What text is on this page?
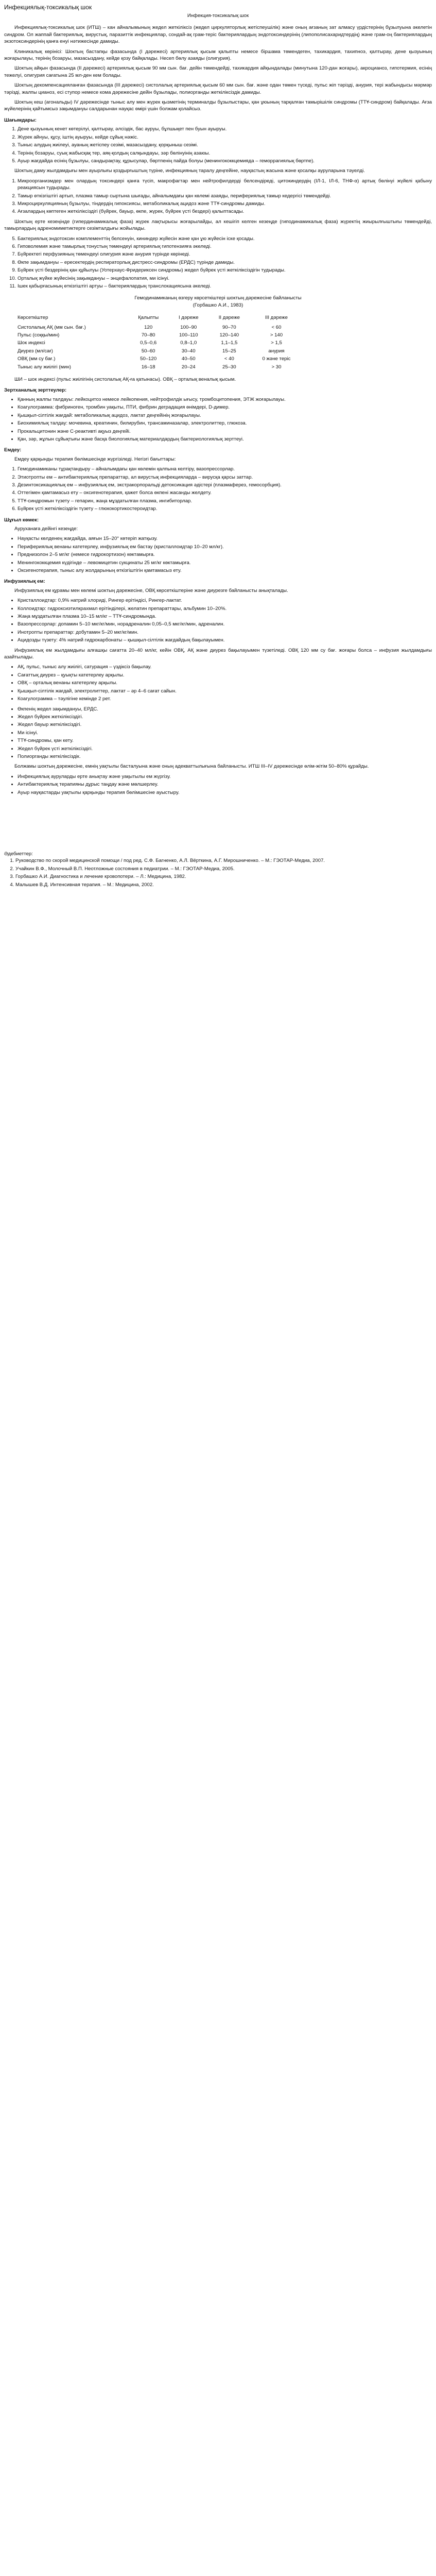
Инфекциялық-токсикалық шок
Инфекция-токсикалық шок

Инфекциялық-токсикалық шок (ИТШ) – кан айналымының жедел жеткіліксіз (жедел циркуляторлық жетіспеушілік) және оның ағзаның зат алмасу үрдістерінің бұзылуына әкелетін синдром. Ол жаппай бактериялық, вирустық, паразиттік инфекциялар, сондай-ақ грам-теріс бактериялардың эндотоксиндерінің (липополисахаридтердің) және грам-оң бактериялардың экзотоксиндерінің қанға енуі нәтижесінде дамиды.

Клиникалық көрінісі: Шоктың бастапқы фазасында (I дәрежесі) артериялық қысым қалыпты немесе біршама төмендеген, тахикардия, тахипноэ, қалтырау, дене қызуының жоғарылауы, терінің бозаруы, мазасыздану, кейде қозу байқалады. Несеп бөлу азаяды (олигурия).

Шоктың айқын фазасында (II дәрежесі) артериялық қысым 90 мм сын. бағ. дейін төмендейді, тахикардия айқындалады (минутына 120-дан жоғары), акроцианоз, гипотермия, есінің тежелуі, олигурия сағатына 25 мл-ден кем болады.

Шоктың декомпенсацияланған фазасында (III дәрежесі) систолалық артериялық қысым 60 мм сын. бағ. және одан төмен түседі, пульс жіп тәрізді, анурия, тері жабындысы мәрмәр тәрізді, жалпы цианоз, есі ступор немесе кома дәрежесіне дейін бұзылады, полиорганды жеткіліксіздік дамиды.

Шоктың кеш (агональды) IV дәрежесінде тыныс алу мен жүрек қызметінің терминалды бұзылыстары, қан ұюының тарқалған тамырішілік синдромы (ТТҰ-синдром) байқалады. Ағза жүйелерінің қайтымсыз зақымдануы салдарынан науқас өмірі үшін болжам қолайсыз.

Шағымдары:
1. Дене қызуының кенет көтерілуі, қалтырау, әлсіздік, бас ауруы, бұлшықет пен буын ауыруы.
2. Жүрек айнуы, құсу, іштің ауыруы, кейде сұйық нәжіс.
3. Тыныс алудың жиілеуі, ауаның жетіспеу сезімі, мазасыздану, қорқыныш сезімі.
4. Терінің бозаруы, суық жабысқақ тер, аяқ-қолдың салқындауы, зәр бөлінуінің азаюы.
5. Ауыр жағдайда есінің бұзылуы, сандырақтау, құрысулар, бөртпенің пайда болуы (менингококкцемияда – геморрагиялық бөртпе).

Шоктың даму жылдамдығы мен ауырлығы қоздырғыштың түріне, инфекцияның таралу деңгейіне, науқастың жасына және қосалқы ауруларына тәуелді.

1. Микроорганизмдер мен олардың токсиндері қанға түсіп, макрофагтар мен нейтрофилдерді белсендіреді, цитокиндердің (ІЛ-1, ІЛ-6, ТНФ-α) артық бөлінуі жүйелі қабыну реакциясын тудырады.
2. Тамыр өткізгіштігі артып, плазма тамыр сыртына шығады, айналымдағы қан көлемі азаяды, перифериялық тамыр кедергісі төмендейді.
3. Микроциркуляцияның бұзылуы, тіндердің гипоксиясы, метаболикалық ацидоз және ТТҰ-синдромы дамиды.
4. Ағзалардың көптеген жеткіліксіздігі (бүйрек, бауыр, өкпе, жүрек, бүйрек үсті бездері) қалыптасады.

Шоктың ерте кезеңінде (гипердинамикалық фаза) жүрек лақтырысы жоғарылайды, ал кешігіп келген кезеңде (гиподинамикалық фаза) жүректің жиырылғыштығы төмендейді, тамырлардың адреномиметиктерге сезімталдығы жойылады.

5. Бактериялық эндотоксин комплементтің белсенуін, кининдер жүйесін және қан ұю жүйесін іске қосады.
6. Гиповолемия және тамырлық тонустың төмендеуі артериялық гипотензияға әкеледі.
7. Бүйректегі перфузияның төмендеуі олигурия және анурия түрінде көрінеді.
8. Өкпе зақымдануы – ересектердің респираторлық дистресс-синдромы (ЕРДС) түрінде дамиды.
9. Бүйрек үсті бездерінің қан құйылуы (Уотерхаус-Фридериксен синдромы) жедел бүйрек үсті жеткіліксіздігін тудырады.
10. Орталық жүйке жүйесінің зақымдануы – энцефалопатия, ми ісінуі.
11. Ішек қабырғасының өткізгіштігі артуы – бактериялардың транслокациясына әкеледі.
Гемодинамиканың өзгеру көрсеткіштері шоктың дәрежесіне байланысты
(Горбашко А.И., 1983)
Көрсеткіштер	Қалыпты	I дәреже	II дәреже	III дәреже
Систолалық АҚ (мм сын. бағ.)	120	100–90	90–70	< 60
Пульс (соққы/мин)	70–80	100–110	120–140	> 140
Шок индексі	0,5–0,6	0,8–1,0	1,1–1,5	> 1,5
Диурез (мл/сағ)	50–60	30–40	15–25	анурия
ОВҚ (мм су бағ.)	50–120	40–50	< 40	0 және теріс
Тыныс алу жиілігі (мин)	16–18	20–24	25–30	> 30
ШИ – шок индексі (пульс жиілігінің систолалық АҚ-ға қатынасы). ОВҚ – орталық веналық қысым.
Зертханалық зерттеулер:
• Қанның жалпы талдауы: лейкоцитоз немесе лейкопения, нейтрофилдік ығысу, тромбоцитопения, ЭТЖ жоғарылауы.
• Коагулограмма: фибриноген, тромбин уақыты, ПТИ, фибрин деградация өнімдері, D-димер.
• Қышқыл-сілтілік жағдай: метаболикалық ацидоз, лактат деңгейінің жоғарылауы.
• Биохимиялық талдау: мочевина, креатинин, билирубин, трансаминазалар, электролиттер, глюкоза.
• Прокальцитонин және С-реактивті ақуыз деңгейі.
• Қан, зәр, жұлын сұйықтығы және басқа биологиялық материалдардың бактериологиялық зерттеуі.
Емдеу:

Емдеу қарқынды терапия бөлімшесінде жүргізіледі. Негізгі бағыттары:

1. Гемодинамиканы тұрақтандыру – айналымдағы қан көлемін қалпына келтіру, вазопрессорлар.
2. Этиотропты ем – антибактериялық препараттар, ал вирустық инфекцияларда – вирусқа қарсы заттар.
3. Дезинтоксикациялық ем – инфузиялық ем, экстракорпоральді детоксикация әдістері (плазмаферез, гемосорбция).
4. Оттегімен қамтамасыз ету – оксигенотерапия, қажет болса өкпені жасанды желдету.
5. ТТҰ-синдромын түзету – гепарин, жаңа мұздатылған плазма, ингибиторлар.
6. Бүйрек үсті жеткіліксіздігін түзету – глюкокортикостероидтар.
Шұғыл көмек:

Ауруханаға дейінгі кезеңде:

• Науқасты көлденең жағдайда, аяғын 15–20° көтеріп жатқызу.
• Перифериялық венаны катетерлеу, инфузиялық ем бастау (кристаллоидтар 10–20 мл/кг).
• Преднизолон 2–5 мг/кг (немесе гидрокортизон) көктамырға.
• Менингококкцемия күдігінде – левомицетин сукцинаты 25 мг/кг көктамырға.
• Оксигенотерапия, тыныс алу жолдарының өткізгіштігін қамтамасыз ету.
Инфузиялық ем:

Инфузиялық ем құрамы мен көлемі шоктың дәрежесіне, ОВҚ көрсеткіштеріне және диурезге байланысты анықталады.

• Кристаллоидтар: 0,9% натрий хлориді, Рингер ерітіндісі, Рингер-лактат.
• Коллоидтар: гидроксиэтилкрахмал ерітінділері, желатин препараттары, альбумин 10–20%.
• Жаңа мұздатылған плазма 10–15 мл/кг – ТТҰ-синдромында.
• Вазопрессорлар: допамин 5–10 мкг/кг/мин, норадреналин 0,05–0,5 мкг/кг/мин, адреналин.
• Инотропты препараттар: добутамин 5–20 мкг/кг/мин.
• Ацидозды түзету: 4% натрий гидрокарбонаты – қышқыл-сілтілік жағдайдың бақылауымен.

Инфузиялық ем жылдамдығы алғашқы сағатта 20–40 мл/кг, кейін ОВҚ, АҚ және диурез бақылауымен түзетіледі. ОВҚ 120 мм су бағ. жоғары болса – инфузия жылдамдығы азайтылады.

• АҚ, пульс, тыныс алу жиілігі, сатурация – үздіксіз бақылау.
• Сағаттық диурез – қуықты катетерлеу арқылы.
• ОВҚ – орталық венаны катетерлеу арқылы.
• Қышқыл-сілтілік жағдай, электролиттер, лактат – әр 4–6 сағат сайын.
• Коагулограмма – тәулігіне кемінде 2 рет.
• Өкпенің жедел зақымдануы, ЕРДС.
• Жедел бүйрек жеткіліксіздігі.
• Жедел бауыр жеткіліксіздігі.
• Ми ісінуі.
• ТТҰ-синдромы, қан кету.
• Жедел бүйрек үсті жеткіліксіздігі.
• Полиорганды жеткіліксіздік.

Болжамы шоктың дәрежесіне, емнің уақтылы басталуына және оның адекваттылығына байланысты. ИТШ III–IV дәрежесінде өлім-жітім 50–80% құрайды.

• Инфекциялық ауруларды ерте анықтау және уақытылы ем жүргізу.
• Антибактериялық терапияны дұрыс таңдау және мөлшерлеу.
• Ауыр науқастарды уақтылы қарқынды терапия бөлімшесіне ауыстыру.
Әдебиеттер:
1. Руководство по скорой медицинской помощи / под ред. С.Ф. Багненко, А.Л. Вёрткина, А.Г. Мирошниченко. – М.: ГЭОТАР-Медиа, 2007.
2. Учайкин В.Ф., Молочный В.П. Неотложные состояния в педиатрии. – М.: ГЭОТАР-Медиа, 2005.
3. Горбашко А.И. Диагностика и лечение кровопотери. – Л.: Медицина, 1982.
4. Малышев В.Д. Интенсивная терапия. – М.: Медицина, 2002.
